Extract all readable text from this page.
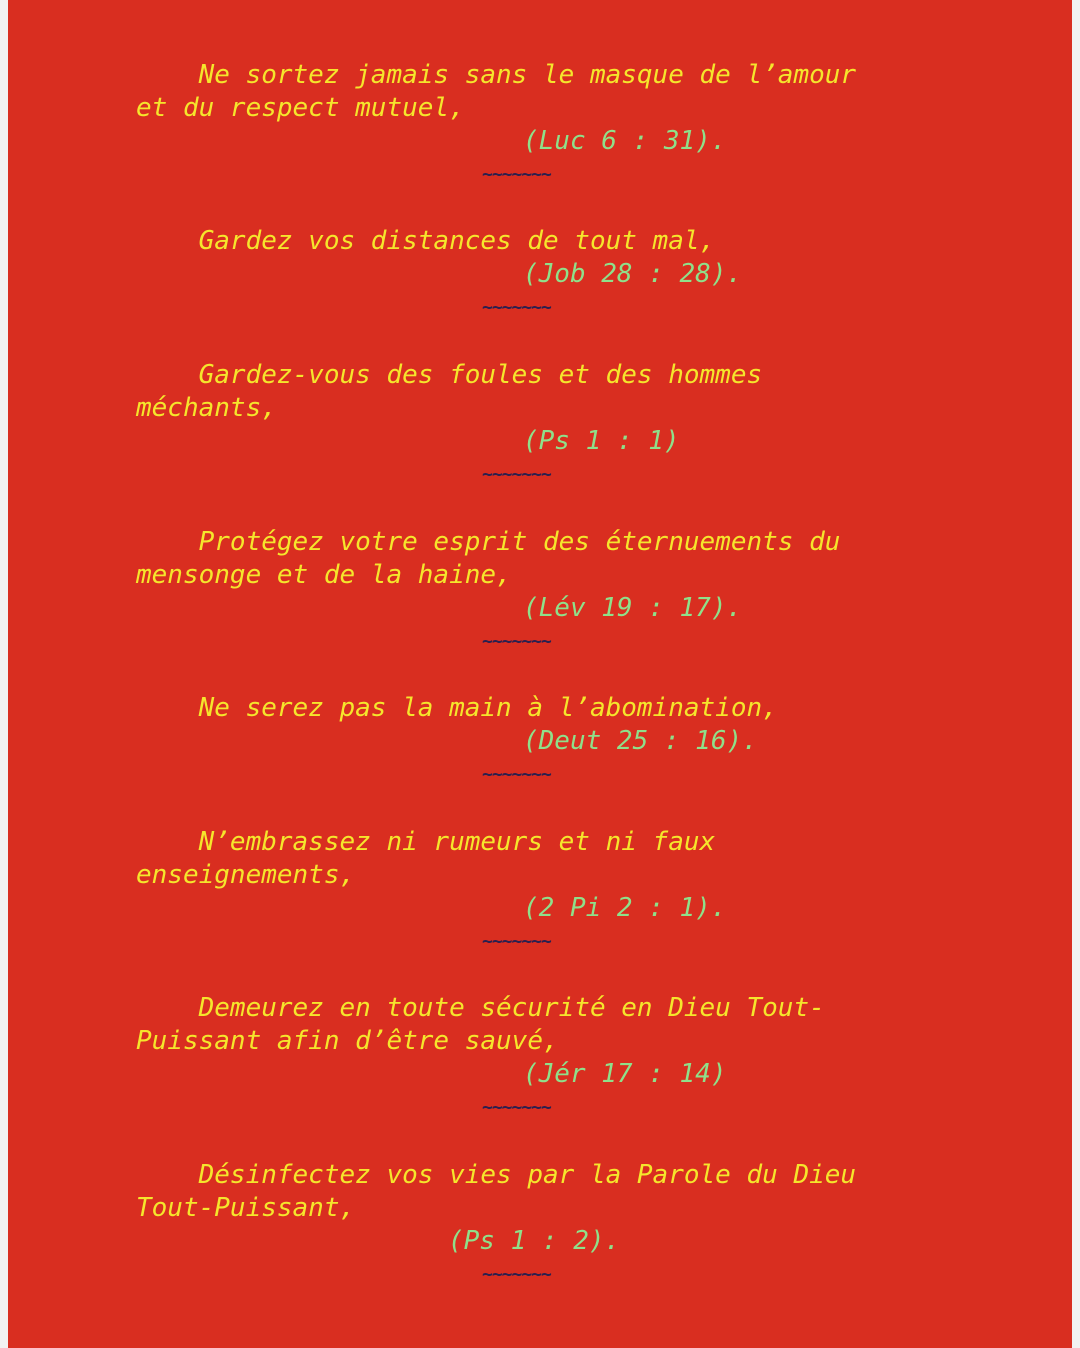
Ne sortez jamais sans le masque de l’amour
et du respect mutuel,
(Luc 6 : 31).
~~~~~~~
Gardez vos distances de tout mal,
(Job 28 : 28).
~~~~~~~
Gardez-vous des foules et des hommes
méchants,
(Ps 1 : 1)
~~~~~~~
Protégez votre esprit des éternuements du
mensonge et de la haine,
(Lév 19 : 17).
~~~~~~~
Ne serez pas la main à l’abomination,
(Deut 25 : 16).
~~~~~~~
N’embrassez ni rumeurs et ni faux
enseignements,
(2 Pi 2 : 1).
~~~~~~~
Demeurez en toute sécurité en Dieu Tout-
Puissant afin d’être sauvé,
(Jér 17 : 14)
~~~~~~~
Désinfectez vos vies par la Parole du Dieu
Tout-Puissant,
(Ps 1 : 2).
~~~~~~~
